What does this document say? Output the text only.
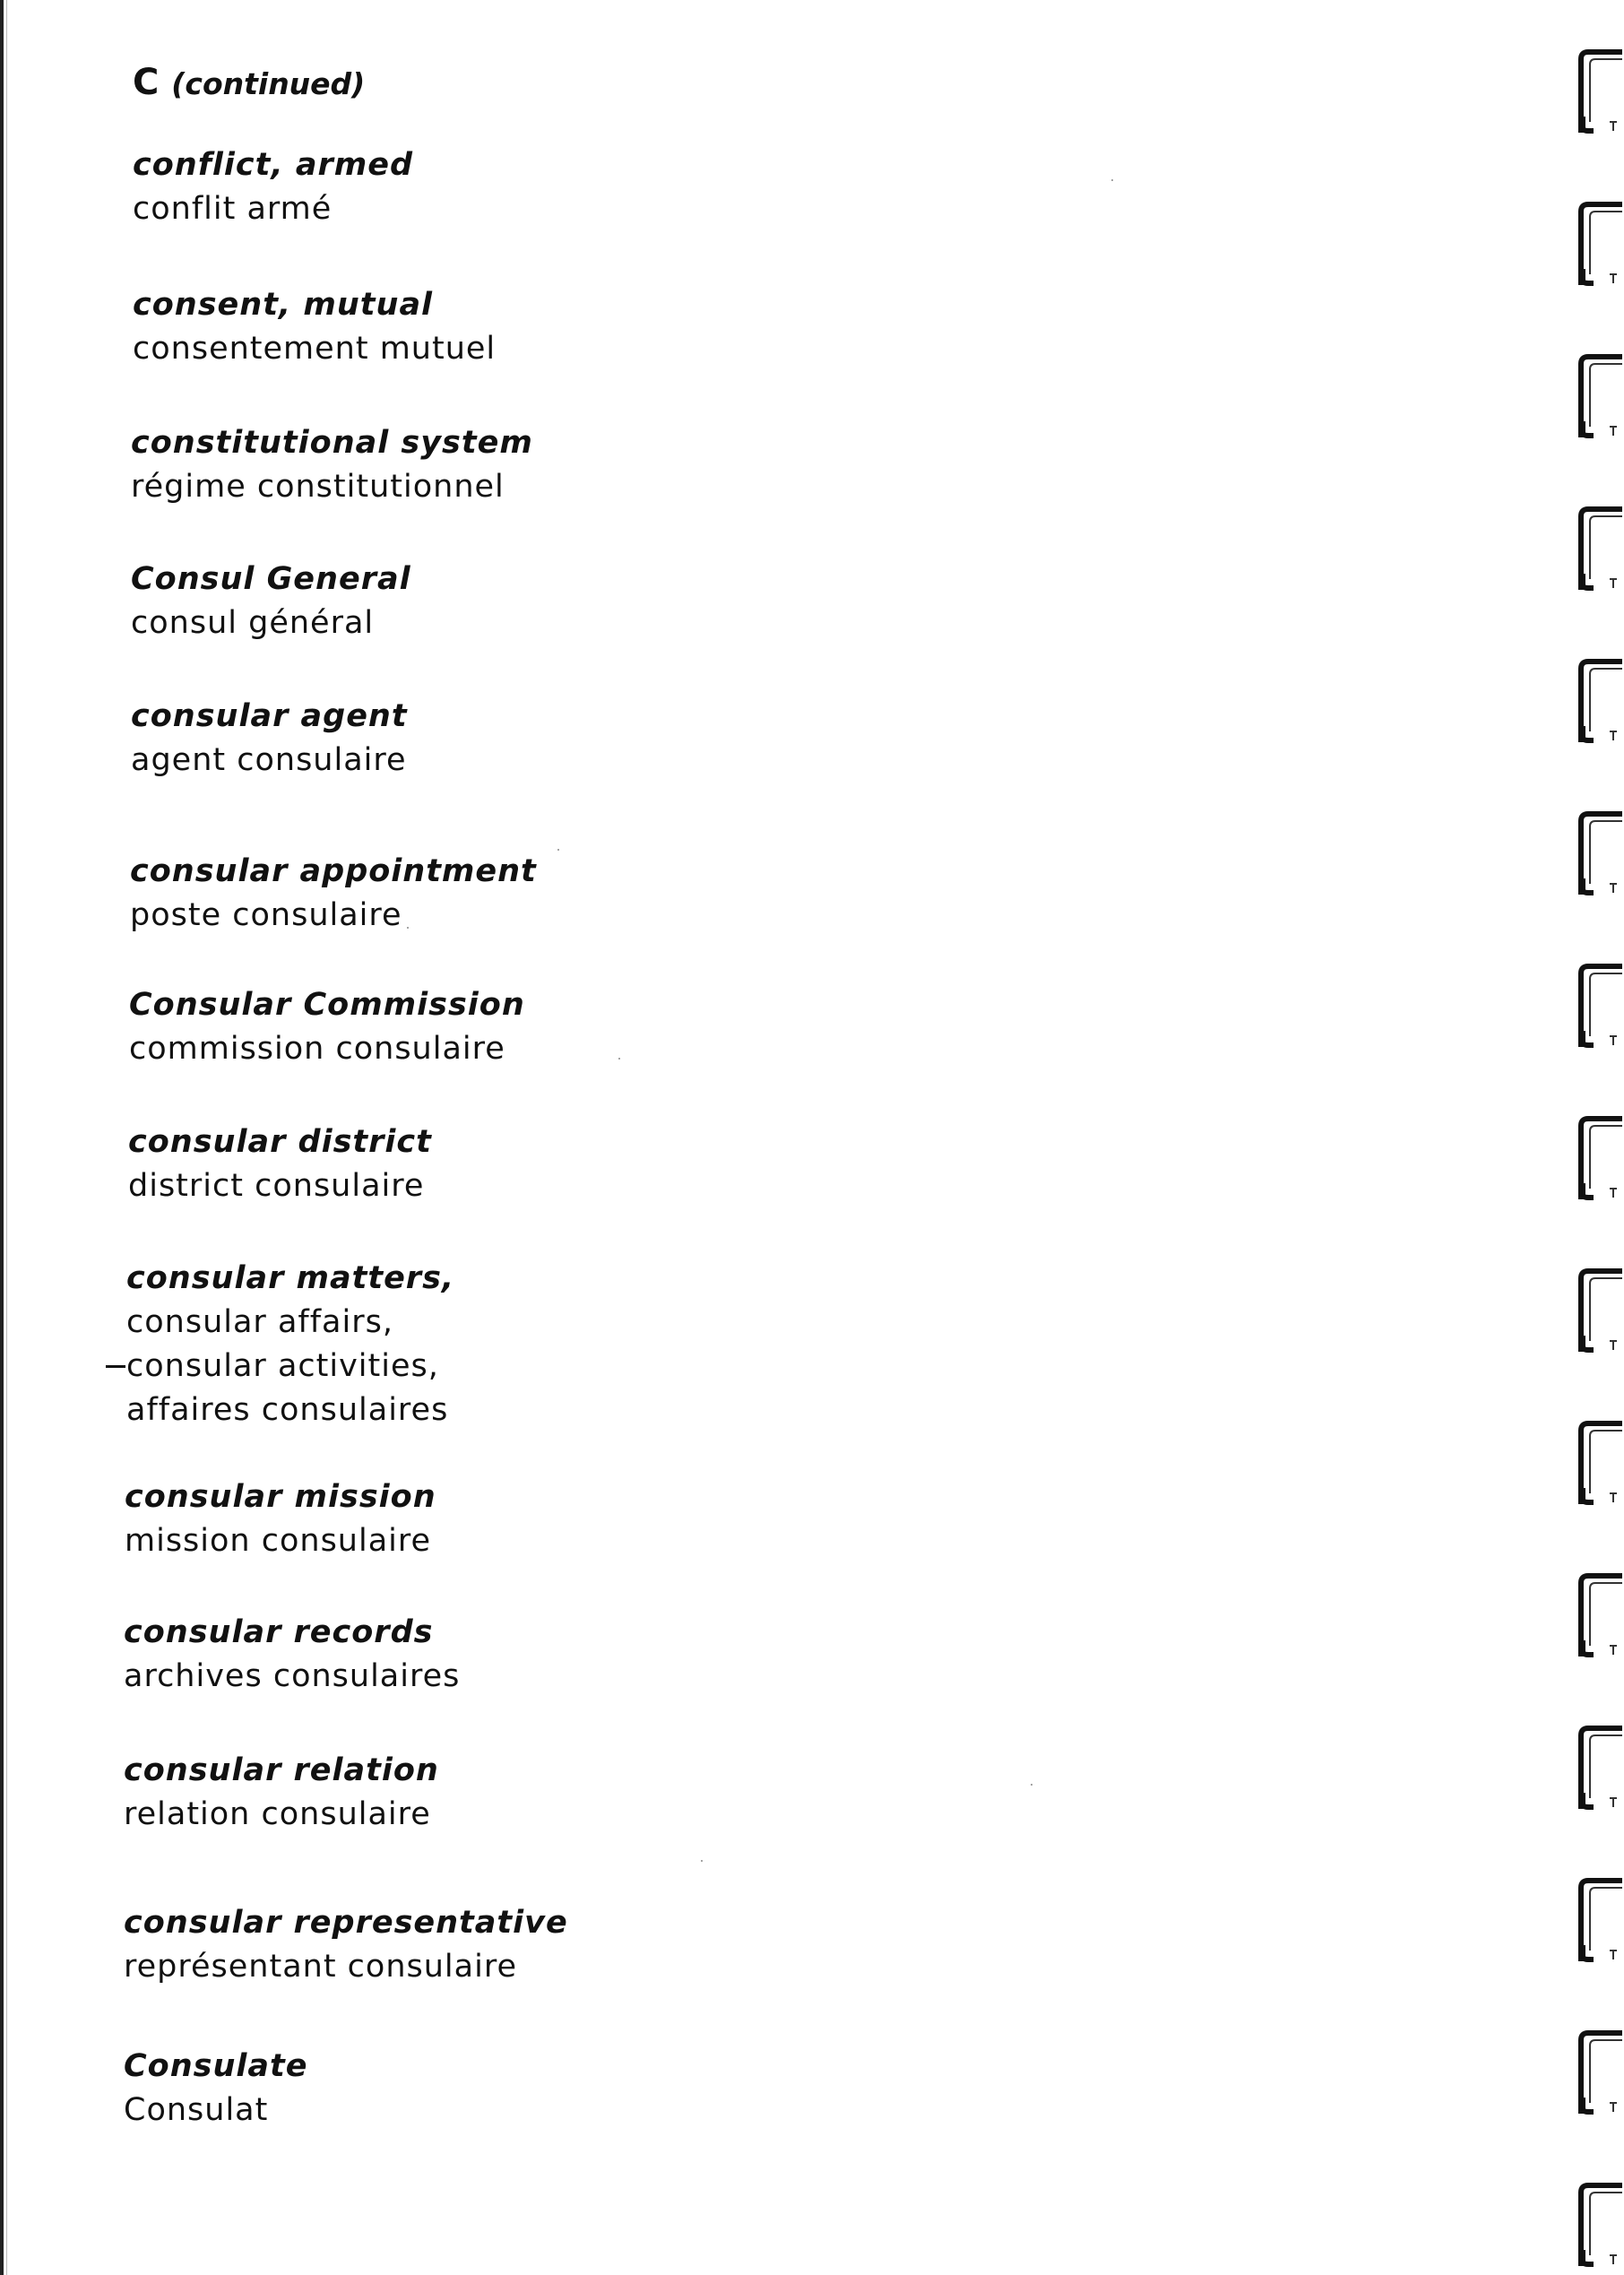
C (continued)
conflict, armed
conflit armé
consent, mutual
consentement mutuel
constitutional system
régime constitutionnel
Consul General
consul général
consular agent
agent consulaire
consular appointment
poste consulaire
Consular Commission
commission consulaire
consular district
district consulaire
consular matters,
consular affairs,
consular activities,
affaires consulaires
consular mission
mission consulaire
consular records
archives consulaires
consular relation
relation consulaire
consular representative
représentant consulaire
Consulate
Consulat
